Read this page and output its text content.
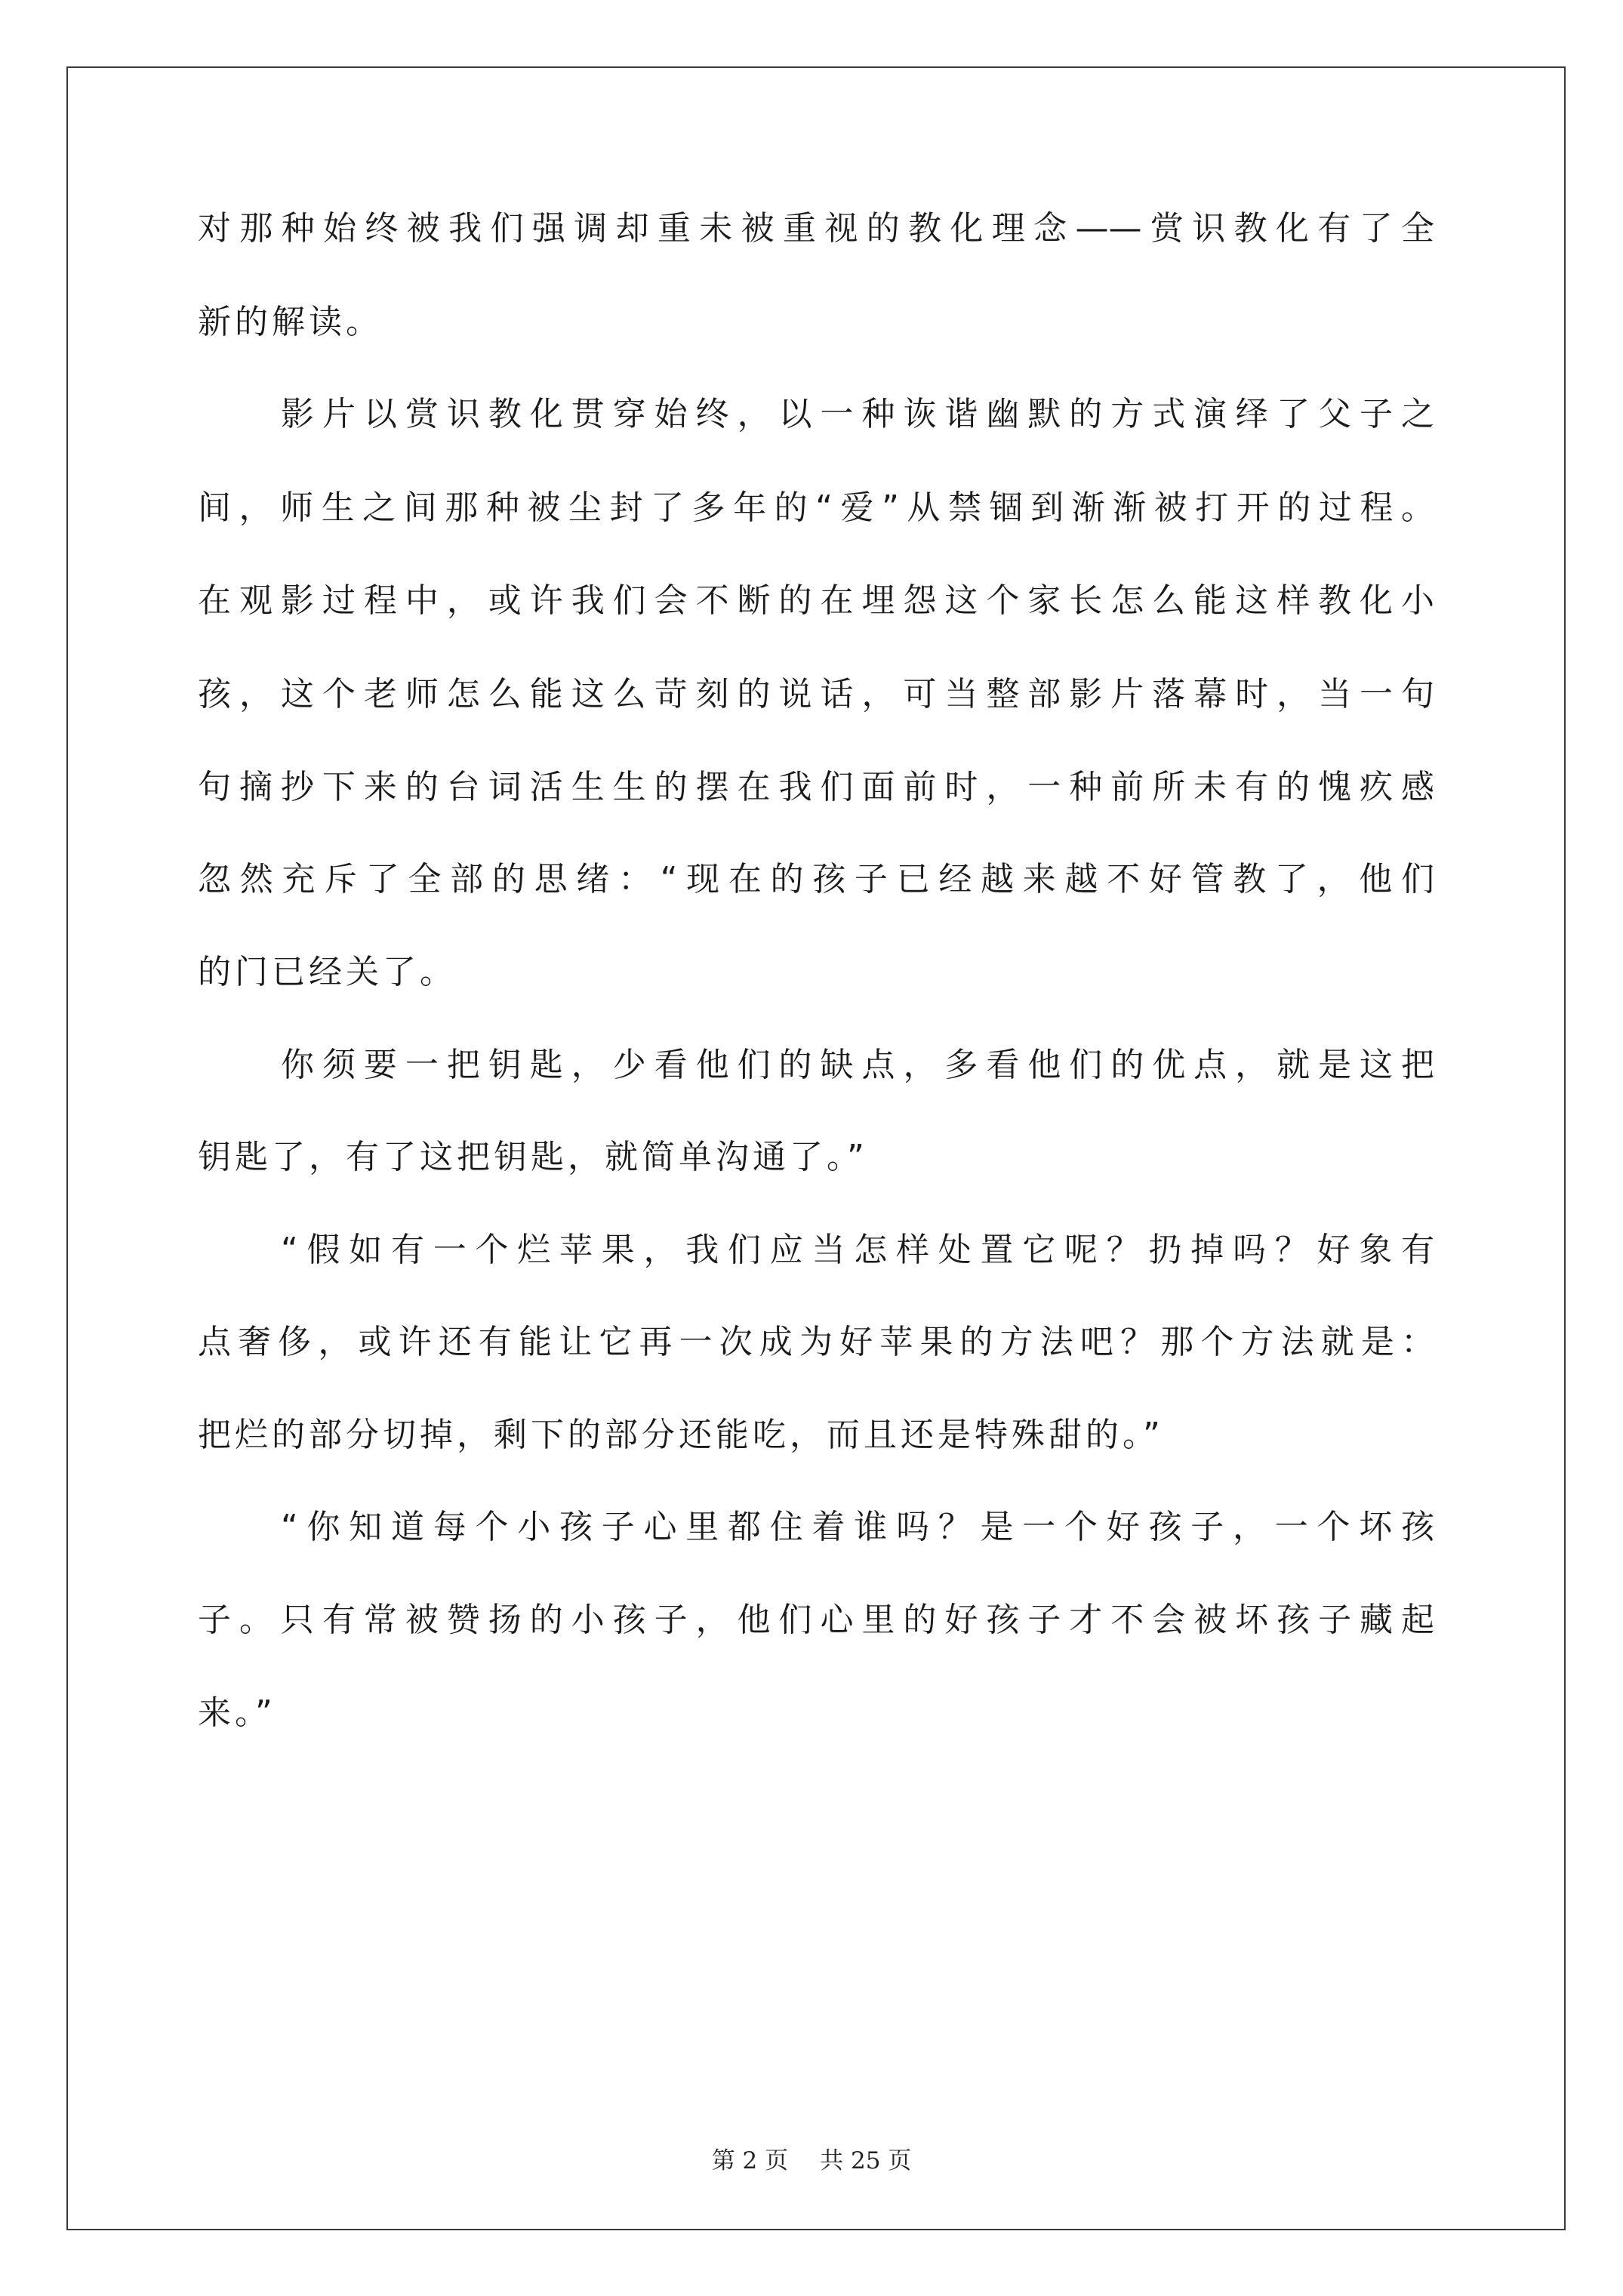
对那种始终被我们强调却重未被重视的教化理念——赏识教化有了全
新的解读。
影片以赏识教化贯穿始终，以一种诙谐幽默的方式演绎了父子之
间，师生之间那种被尘封了多年的“爱”从禁锢到渐渐被打开的过程。
在观影过程中，或许我们会不断的在埋怨这个家长怎么能这样教化小
孩，这个老师怎么能这么苛刻的说话，可当整部影片落幕时，当一句
句摘抄下来的台词活生生的摆在我们面前时，一种前所未有的愧疚感
忽然充斥了全部的思绪：“现在的孩子已经越来越不好管教了，他们
的门已经关了。
你须要一把钥匙，少看他们的缺点，多看他们的优点，就是这把
钥匙了，有了这把钥匙，就简单沟通了。”
“假如有一个烂苹果，我们应当怎样处置它呢？扔掉吗？好象有
点奢侈，或许还有能让它再一次成为好苹果的方法吧？那个方法就是：
把烂的部分切掉，剩下的部分还能吃，而且还是特殊甜的。”
“你知道每个小孩子心里都住着谁吗？是一个好孩子，一个坏孩
子。只有常被赞扬的小孩子，他们心里的好孩子才不会被坏孩子藏起
来。”
第 2 页 共 25 页
